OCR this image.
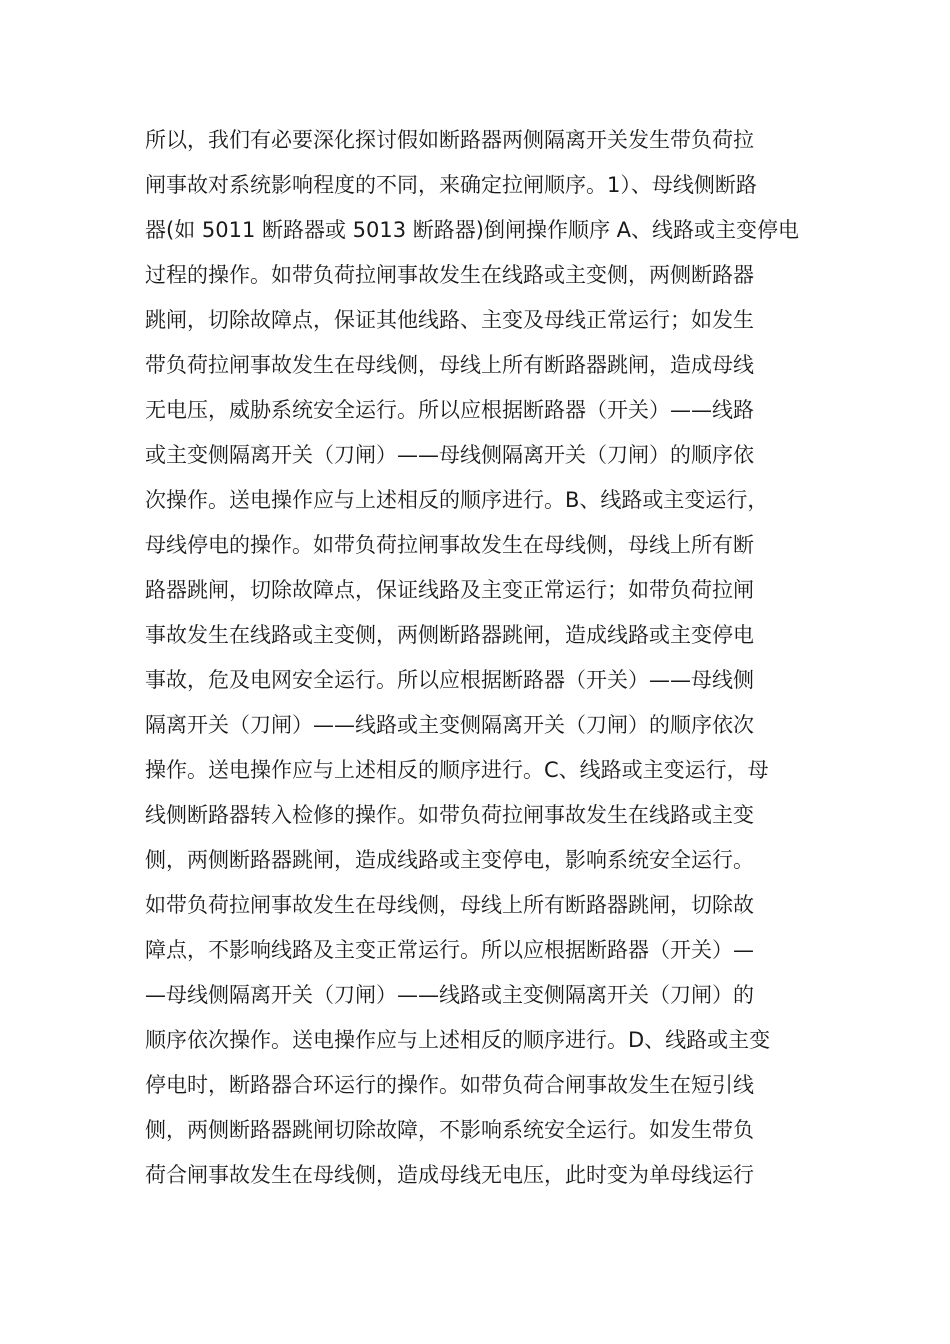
所以，我们有必要深化探讨假如断路器两侧隔离开关发生带负荷拉
闸事故对系统影响程度的不同，来确定拉闸顺序。1）、母线侧断路
器(如 5011 断路器或 5013 断路器)倒闸操作顺序 A、线路或主变停电
过程的操作。如带负荷拉闸事故发生在线路或主变侧，两侧断路器
跳闸，切除故障点，保证其他线路、主变及母线正常运行；如发生
带负荷拉闸事故发生在母线侧，母线上所有断路器跳闸，造成母线
无电压，威胁系统安全运行。所以应根据断路器（开关）——线路
或主变侧隔离开关（刀闸）——母线侧隔离开关（刀闸）的顺序依
次操作。送电操作应与上述相反的顺序进行。B、线路或主变运行，
母线停电的操作。如带负荷拉闸事故发生在母线侧，母线上所有断
路器跳闸，切除故障点，保证线路及主变正常运行；如带负荷拉闸
事故发生在线路或主变侧，两侧断路器跳闸，造成线路或主变停电
事故，危及电网安全运行。所以应根据断路器（开关）——母线侧
隔离开关（刀闸）——线路或主变侧隔离开关（刀闸）的顺序依次
操作。送电操作应与上述相反的顺序进行。C、线路或主变运行，母
线侧断路器转入检修的操作。如带负荷拉闸事故发生在线路或主变
侧，两侧断路器跳闸，造成线路或主变停电，影响系统安全运行。
如带负荷拉闸事故发生在母线侧，母线上所有断路器跳闸，切除故
障点，不影响线路及主变正常运行。所以应根据断路器（开关）—
—母线侧隔离开关（刀闸）——线路或主变侧隔离开关（刀闸）的
顺序依次操作。送电操作应与上述相反的顺序进行。D、线路或主变
停电时，断路器合环运行的操作。如带负荷合闸事故发生在短引线
侧，两侧断路器跳闸切除故障，不影响系统安全运行。如发生带负
荷合闸事故发生在母线侧，造成母线无电压，此时变为单母线运行
